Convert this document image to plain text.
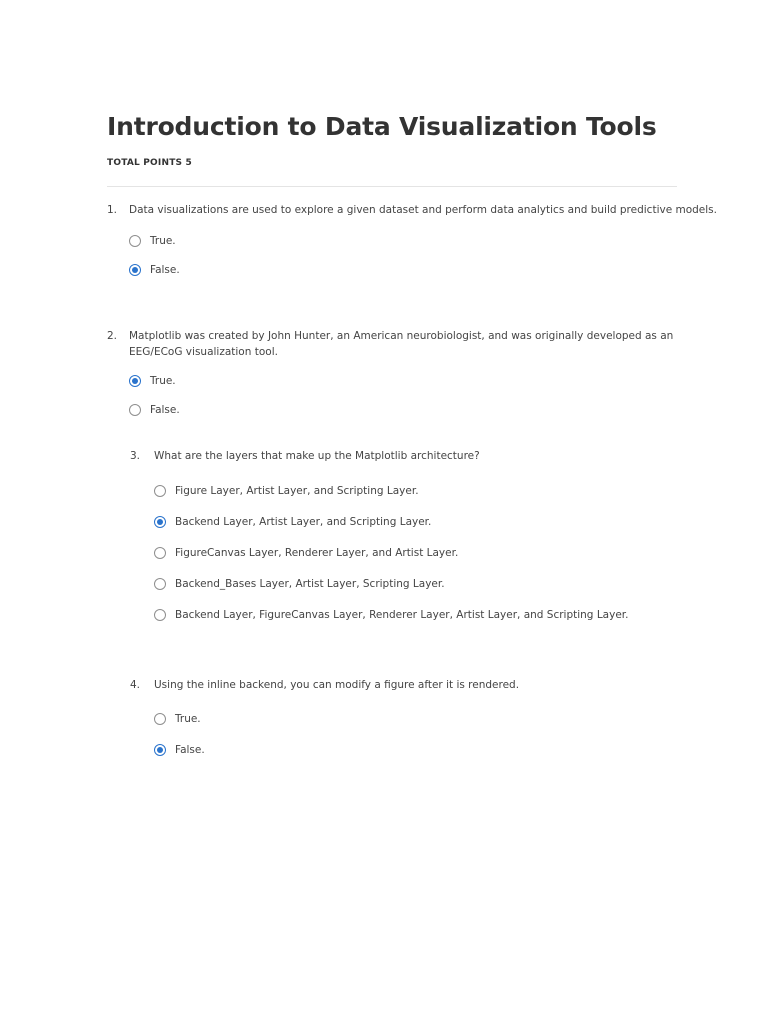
Introduction to Data Visualization Tools
TOTAL POINTS 5
1. Data visualizations are used to explore a given dataset and perform data analytics and build predictive models.
True.
False.
2. Matplotlib was created by John Hunter, an American neurobiologist, and was originally developed as an
EEG/ECoG visualization tool.
True.
False.
3. What are the layers that make up the Matplotlib architecture?
Figure Layer, Artist Layer, and Scripting Layer.
Backend Layer, Artist Layer, and Scripting Layer.
FigureCanvas Layer, Renderer Layer, and Artist Layer.
Backend_Bases Layer, Artist Layer, Scripting Layer.
Backend Layer, FigureCanvas Layer, Renderer Layer, Artist Layer, and Scripting Layer.
4. Using the inline backend, you can modify a figure after it is rendered.
True.
False.
